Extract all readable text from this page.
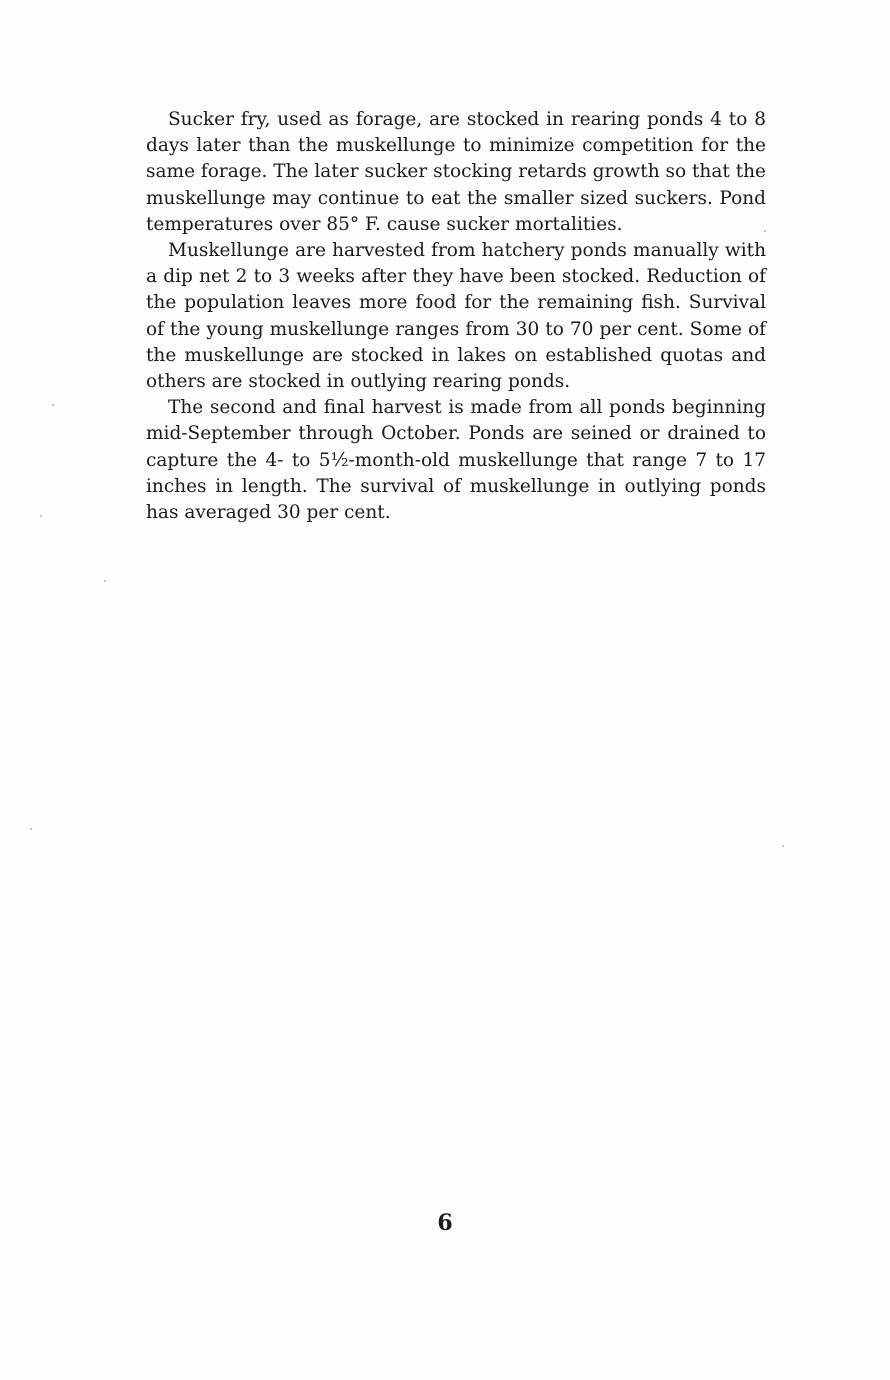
Sucker fry, used as forage, are stocked in rearing ponds 4 to 8 days later than the muskellunge to minimize competition for the same forage. The later sucker stocking retards growth so that the muskellunge may continue to eat the smaller sized suckers. Pond temperatures over 85° F. cause sucker mortalities.

Muskellunge are harvested from hatchery ponds manually with a dip net 2 to 3 weeks after they have been stocked. Reduction of the population leaves more food for the remaining fish. Survival of the young muskellunge ranges from 30 to 70 per cent. Some of the muskellunge are stocked in lakes on established quotas and others are stocked in outlying rearing ponds.

The second and final harvest is made from all ponds beginning mid-September through October. Ponds are seined or drained to capture the 4- to 5½-month-old muskellunge that range 7 to 17 inches in length. The survival of muskellunge in outlying ponds has averaged 30 per cent.

6
